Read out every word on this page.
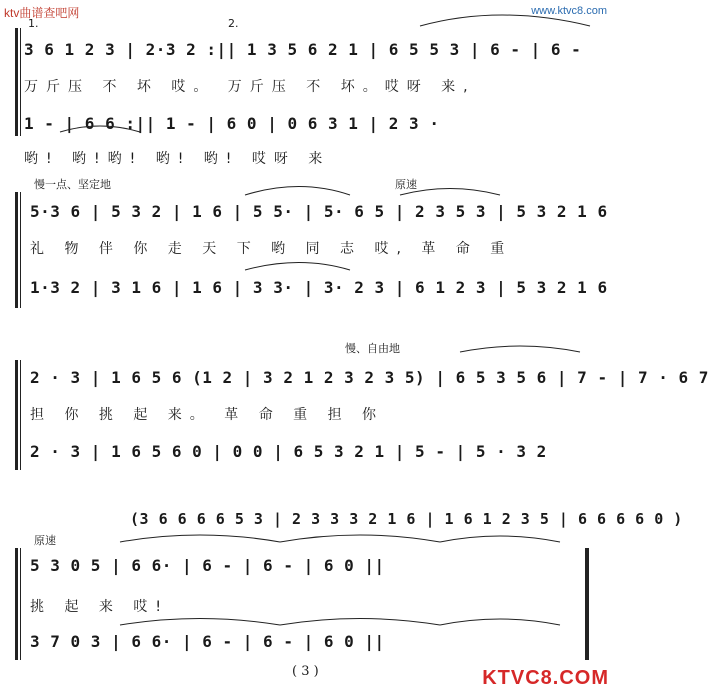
ktv曲谱查吧网	www.ktvc8.com
KTVC8.COM
1.	2.
3 6 1 2 3 | 2·3 2 :|| 1 3 5 6 2 1 | 6 5 5 3 | 6 - | 6 -
万斤压 不 坏 哎。 万斤压 不 坏。哎呀 来,
1 - | 6 6 :|| 1 - | 6 0 | 0 6 3 1 | 2 3 ·
哟! 哟!哟! 哟! 哟! 哎呀 来
慢一点、坚定地	原速
5·3 6 | 5 3 2 | 1 6 | 5 5· | 5· 6 5 | 2 3 5 3 | 5 3 2 1 6
礼 物 伴 你 走 天 下 哟 同 志 哎, 革 命 重
1·3 2 | 3 1 6 | 1 6 | 3 3· | 3· 2 3 | 6 1 2 3 | 5 3 2 1 6
慢、自由地
2 · 3 | 1 6 5 6 (1 2 | 3 2 1 2 3 2 3 5) | 6 5 3 5 6 | 7 - | 7 · 6 7
担 你 挑 起 来。 革 命 重 担 你
2 · 3 | 1 6 5 6 0 | 0 0 | 6 5 3 2 1 | 5 - | 5 · 3 2
(3 6 6 6 6 5 3 | 2 3 3 3 2 1 6 | 1 6 1 2 3 5 | 6 6 6 6 0 )
原速
5 3 0 5 | 6 6· | 6 - | 6 - | 6 0 ||
挑 起 来 哎!
3 7 0 3 | 6 6· | 6 - | 6 - | 6 0 ||
( 3 )
